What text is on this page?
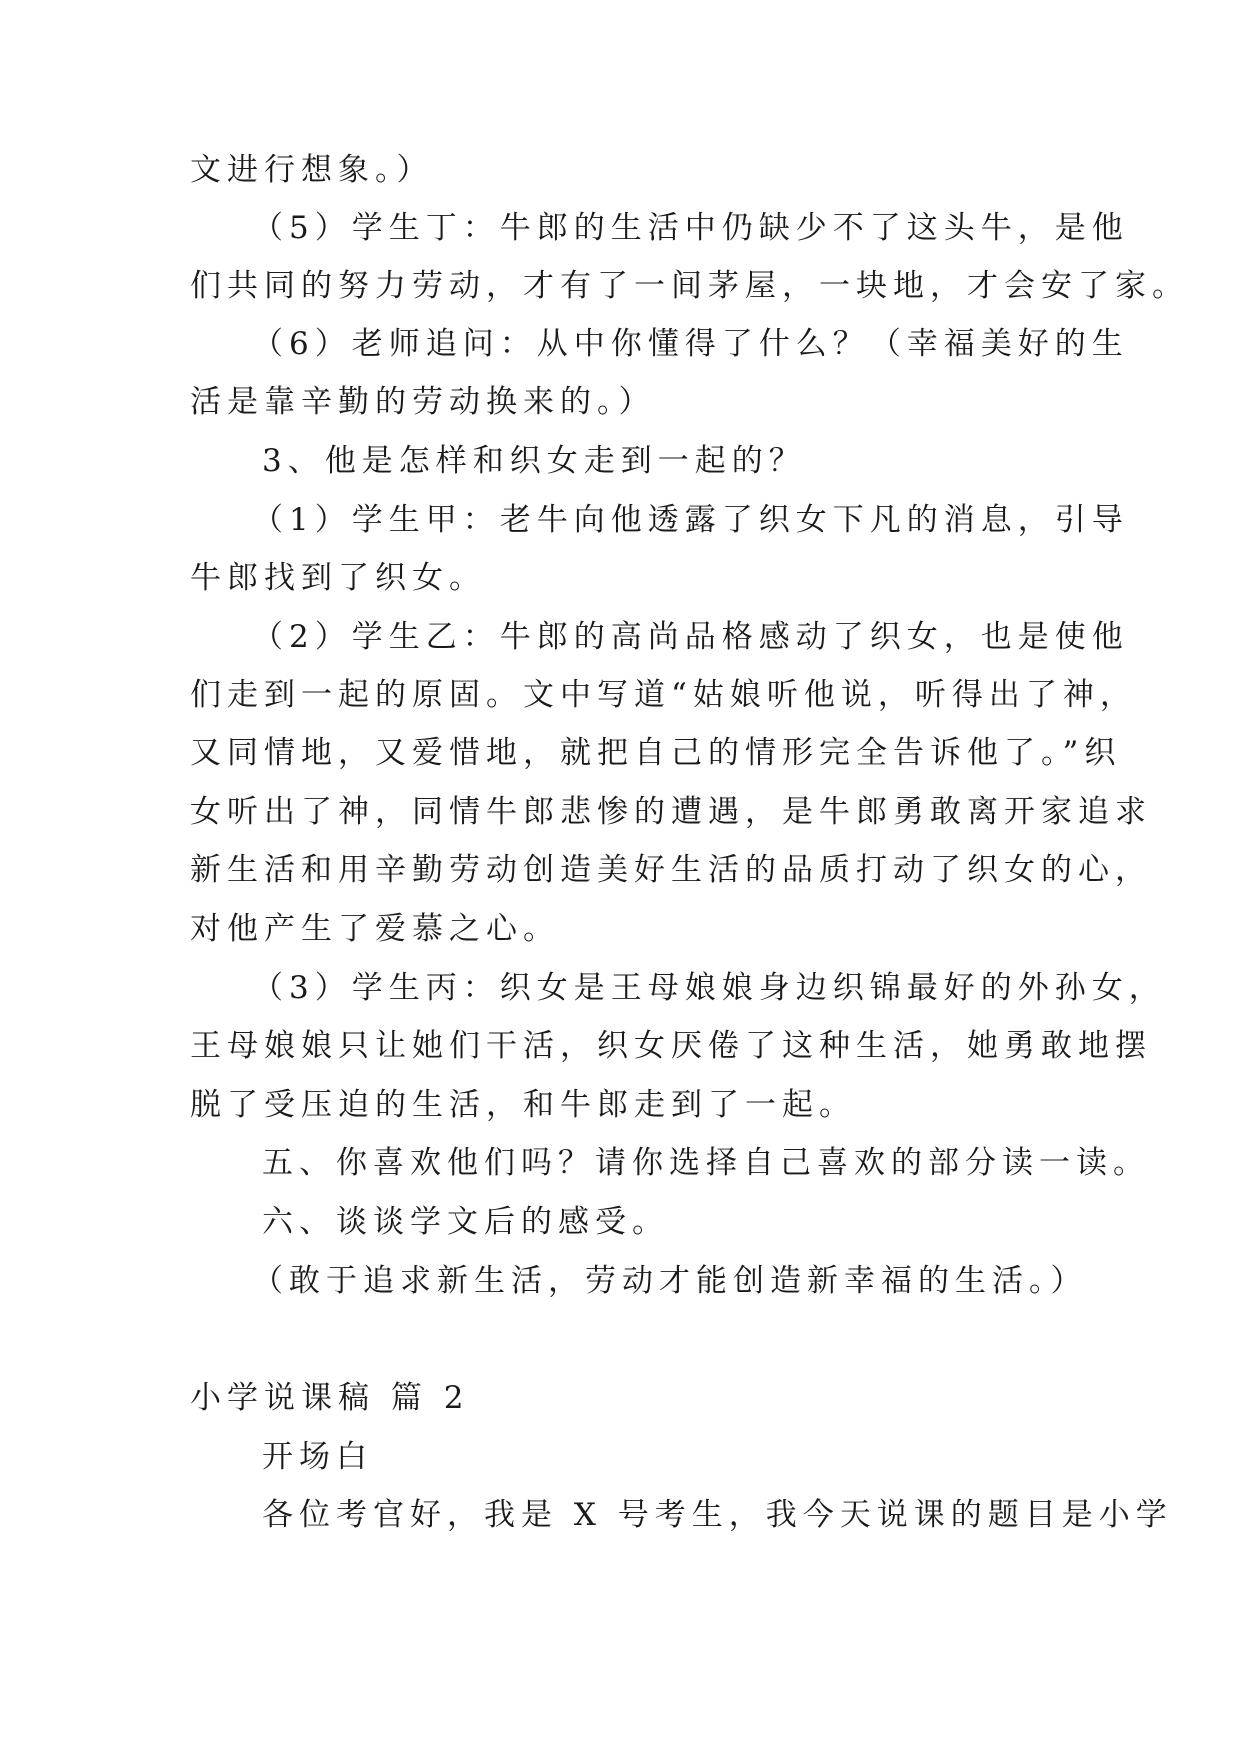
文进行想象。）
（5）学生丁：牛郎的生活中仍缺少不了这头牛，是他
们共同的努力劳动，才有了一间茅屋，一块地，才会安了家。
（6）老师追问：从中你懂得了什么？（幸福美好的生
活是靠辛勤的劳动换来的。）
3、他是怎样和织女走到一起的？
（1）学生甲：老牛向他透露了织女下凡的消息，引导
牛郎找到了织女。
（2）学生乙：牛郎的高尚品格感动了织女，也是使他
们走到一起的原固。文中写道“姑娘听他说，听得出了神，
又同情地，又爱惜地，就把自己的情形完全告诉他了。”织
女听出了神，同情牛郎悲惨的遭遇，是牛郎勇敢离开家追求
新生活和用辛勤劳动创造美好生活的品质打动了织女的心，
对他产生了爱慕之心。
（3）学生丙：织女是王母娘娘身边织锦最好的外孙女，
王母娘娘只让她们干活，织女厌倦了这种生活，她勇敢地摆
脱了受压迫的生活，和牛郎走到了一起。
五、你喜欢他们吗？请你选择自己喜欢的部分读一读。
六、谈谈学文后的感受。
（敢于追求新生活，劳动才能创造新幸福的生活。）
小学说课稿 篇 2
开场白
各位考官好，我是 X 号考生，我今天说课的题目是小学
